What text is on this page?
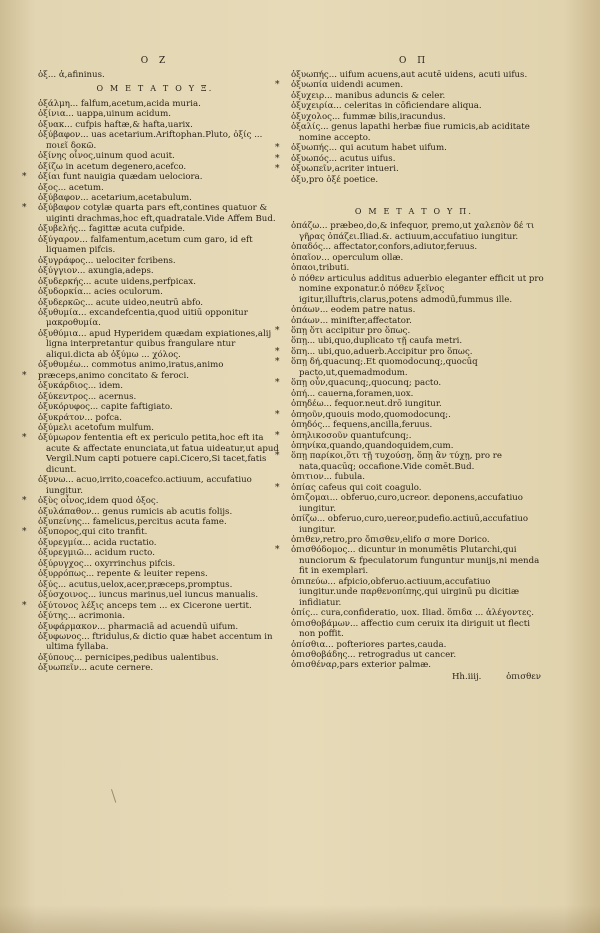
O Z
ὀξ... ἀ,afininus.
O M E T A T O Y Ξ.
ὀξάλμη... falfum,acetum,acida muria.
ὀξίνια... uappa,uinum acidum.
ὀξυακ... cufpis haftæ,& hafta,uarix.
ὀξύβαφον... uas acetarium.Ariftophan.Pluto, ὀξίς ... ποιεῖ δοκῶ.
ὀξίνης οἶνος,uinum quod acuit.
ὀξίζω in acetum degenero,acefco.
* ὀξίαι funt nauigia quædam uelociora.
ὀξος... acetum.
ὀξύβαφον... acetarium,acetabulum.
* ὀξύβαφον cotylæ quarta pars eft,contines quatuor & uiginti drachmas,hoc eft,quadratale.Vide Affem Bud.
ὀξυβελής... fagittæ acuta cufpide.
ὀξύγαρον... falfamentum,acetum cum garo, id eft liquamen pifcis.
ὀξυγράφος... uelociter fcribens.
ὀξύγγιον... axungia,adeps.
ὀξυδερκής... acute uidens,perfpicax.
ὀξυδορκία... acies oculorum.
ὀξυδερκῶς... acute uideo,neutrū abfo.
ὀξυθυμία... excandefcentia,quod uitiū opponitur μακροθυμία.
ὀξυθύμια... apud Hyperidem quædam expiationes,alij ligna interpretantur quibus frangulare ntur aliqui.dicta ab ὀξύμω ... χόλος.
ὀξυθυμέω... commotus animo,iratus,animo
* præceps,animo concitato & feroci.
ὀξυκάρδιος... idem.
ὀξύκεντρος... acernus.
ὀξυκόρυφος... capite faftigiato.
ὀξυκράτον... pofca.
ὀξύμελι acetofum mulfum.
* ὀξύμωρον fententia eft ex periculo petita,hoc eft ita acute & affectate enunciata,ut fatua uideatur,ut apud Vergil.Num capti potuere capi.Cicero,Si tacet,fatis dicunt.
ὀξυνω... acuo,irrito,coacefco.actiuum, accufatiuo iungitur.
* ὀξὺς οἶνος,idem quod ὀξος.
ὀξυλάπαθον... genus rumicis ab acutis folijs.
ὀξυπείνης... famelicus,percitus acuta fame.
* ὀξυπορος,qui cito tranfit.
ὀξυρεγμία... acida ructatio.
ὀξυρεγμιῶ... acidum ructo.
ὀξύρυγχος... oxyrrinchus pifcis.
ὀξυρρόπως... repente & leuiter repens.
ὀξύς... acutus,uelox,acer,præceps,promptus.
ὀξύσχοινος... iuncus marinus,uel iuncus manualis.
* ὀξύτονος λέξις anceps tem ... ex Cicerone uertit.
ὀξύτης... acrimonia.
ὀξυφάρμακον... pharmaciā ad acuendū uifum.
ὀξυφωνος... ftridulus,& dictio quæ habet accentum in ultima fyllaba.
ὀξύπους... pernicipes,pedibus ualentibus.
ὀξυωπεῖν... acute cernere.
O Π
ὀξυωπής... uifum acuens,aut acutē uidens, acuti uifus.
* ὀξυωπία uidendi acumen.
ὀξυχειρ... manibus aduncis & celer.
ὀξυχειρία... celeritas in cōficiendare aliqua.
ὀξυχολος... fummæ bilis,iracundus.
ὀξαλίς... genus lapathi herbæ fiue rumicis,ab aciditate nomine accepto.
* ὀξυωπής... qui acutum habet uifum.
* ὀξυωπός... acutus uifus.
* ὀξυωπεῖν,acriter intueri.
ὀξυ,pro ὀξέ poetice.
O M E T A T O Y Π.
ὀπάζω... præbeo,do,& infequor, premo,ut χαλεπὸν δέ τι γῆρας ὀπάζει.Iliad.&. actiuum,accufatiuo iungitur.
ὀπαδός... affectator,confors,adiutor,feruus.
ὀπαῖον... operculum ollæ.
ὀπαοι,tributi.
ὁ πόθεν articulus additus aduerbio eleganter efficit ut pro nomine exponatur.ὁ πόθεν ξεῖνος igitur,illuftris,clarus,potens admodū,fummus ille.
ὀπάων... eodem patre natus.
ὀπάων... minifter,affectator.
* ὅπῃ ὅτι accipitur pro ὅπως.
ὅπῃ... ubi,quo,duplicato τῇ caufa metri.
* ὅπη... ubi,quo,aduerb.Accipitur pro ὅπως.
* ὅπῃ δή,quacunq;.Et quomodocunq;,quocūq pacto,ut,quemadmodum.
* ὅπῃ οὖν,quacunq;,quocunq; pacto.
ὀπή... cauerna,foramen,uox.
ὀπηδέω... fequor.neut.drō iungitur.
* ὁπηοῦν,quouis modo,quomodocunq;.
ὀπηδός... fequens,ancilla,feruus.
* ὁπηλικοσοῦν quantufcunq;.
ὁπηνίκα,quando,quandoquidem,cum.
* ὅπῃ παρίκοι,ὅτι τῇ τυχούσῃ, ὅπῃ ἂν τύχῃ, pro re nata,quacūq; occafione.Vide comēt.Bud.
ὀπιτιον... fubula.
* ὀπίας cafeus qui coit coagulo.
ὀπιζομαι... obferuo,curo,ucreor. deponens,accufatiuo iungitur.
ὀπίζω... obferuo,curo,uereor,pudefio.actiuū,accufatiuo iungitur.
ὀπιθεν,retro,pro ὄπισθεν,elifo σ more Dorico.
* ὀπισθόδομος... dicuntur in monumētis Plutarchi,qui nunciorum & fpeculatorum funguntur munijs,ni menda fit in exemplari.
ὀπιπεύω... afpicio,obferuo.actiuum,accufatiuo iungitur.unde παρθενοπίπης,qui uirginū pu dicitiæ infidiatur.
ὀπίς... cura,confideratio, uox. Iliad. ὅπιδα ... ἀλέγοντες.
ὀπισθοβάμων... affectio cum ceruix ita diriguit ut flecti non poffit.
ὀπίσθια... pofteriores partes,cauda.
ὀπισθοβάδης... retrogradus ut cancer.
ὀπισθέναρ,pars exterior palmæ.
Hh.iiij.	ὀπισθεν
